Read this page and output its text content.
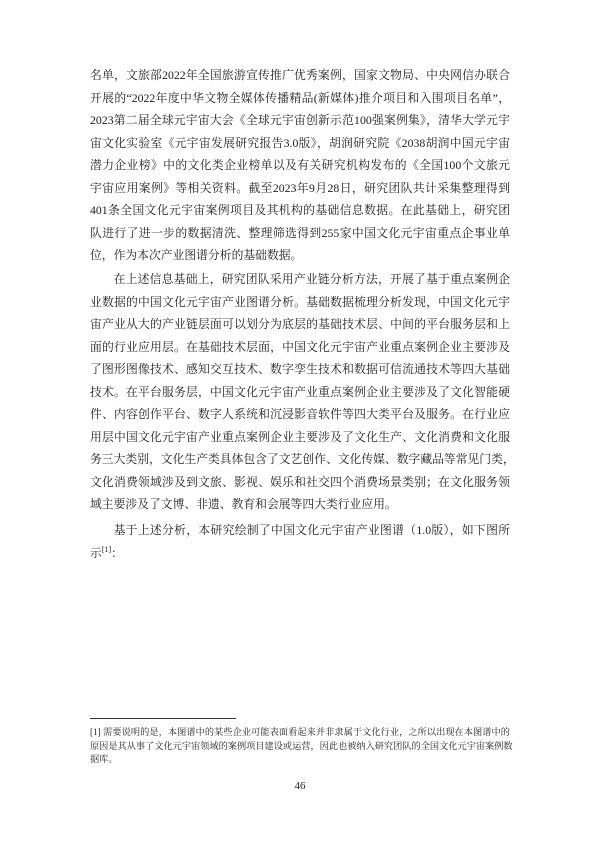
名单，文旅部2022年全国旅游宣传推广优秀案例，国家文物局、中央网信办联合
开展的“2022年度中华文物全媒体传播精品(新媒体)推介项目和入围项目名单”，
2023第二届全球元宇宙大会《全球元宇宙创新示范100强案例集》，清华大学元宇
宙文化实验室《元宇宙发展研究报告3.0版》，胡润研究院《2038胡润中国元宇宙
潜力企业榜》中的文化类企业榜单以及有关研究机构发布的《全国100个文旅元
宇宙应用案例》等相关资料。截至2023年9月28日，研究团队共计采集整理得到
401条全国文化元宇宙案例项目及其机构的基础信息数据。在此基础上，研究团
队进行了进一步的数据清洗、整理筛选得到255家中国文化元宇宙重点企事业单
位，作为本次产业图谱分析的基础数据。
在上述信息基础上，研究团队采用产业链分析方法，开展了基于重点案例企
业数据的中国文化元宇宙产业图谱分析。基础数据梳理分析发现，中国文化元宇
宙产业从大的产业链层面可以划分为底层的基础技术层、中间的平台服务层和上
面的行业应用层。在基础技术层面，中国文化元宇宙产业重点案例企业主要涉及
了图形图像技术、感知交互技术、数字孪生技术和数据可信流通技术等四大基础
技术。在平台服务层，中国文化元宇宙产业重点案例企业主要涉及了文化智能硬
件、内容创作平台、数字人系统和沉浸影音软件等四大类平台及服务。在行业应
用层中国文化元宇宙产业重点案例企业主要涉及了文化生产、文化消费和文化服
务三大类别，文化生产类具体包含了文艺创作、文化传媒、数字藏品等常见门类，
文化消费领域涉及到文旅、影视、娱乐和社交四个消费场景类别；在文化服务领
域主要涉及了文博、非遗、教育和会展等四大类行业应用。
基于上述分析，本研究绘制了中国文化元宇宙产业图谱（1.0版），如下图所
示[1]：
[1] 需要说明的是，本图谱中的某些企业可能表面看起来并非隶属于文化行业，之所以出现在本图谱中的
原因是其从事了文化元宇宙领域的案例项目建设或运营，因此也被纳入研究团队的全国文化元宇宙案例数
据库。
46
